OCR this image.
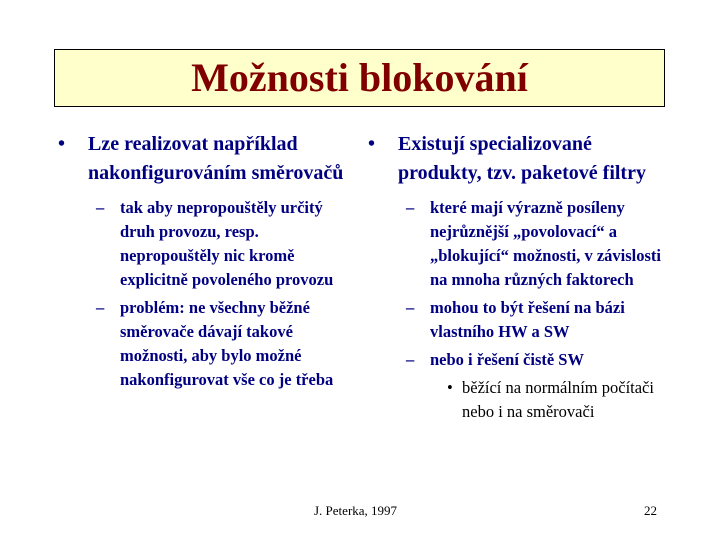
Možnosti blokování
•	Lze realizovat například nakonfigurováním směrovačů
– tak aby nepropouštěly určitý druh provozu, resp. nepropouštěly nic kromě explicitně povoleného provozu
– problém: ne všechny běžné směrovače dávají takové možnosti, aby bylo možné nakonfigurovat vše co je třeba
•	Existují specializované produkty, tzv. paketové filtry
– které mají výrazně posíleny nejrůznější „povolovací“ a „blokující“ možnosti, v závislosti na mnoha různých faktorech
– mohou to být řešení na bázi vlastního HW a SW
– nebo i řešení čistě SW
• běžící na normálním počítači nebo i na směrovači
J. Peterka, 1997	22
